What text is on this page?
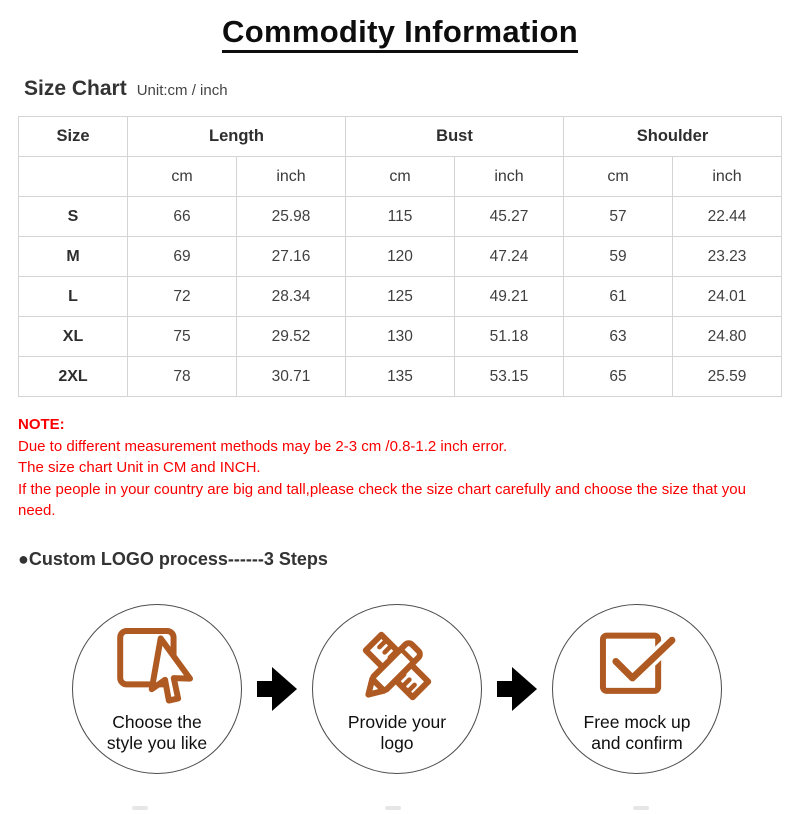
Commodity Information
Size Chart Unit:cm / inch
Size	Length		Bust		Shoulder	
	cm	inch	cm	inch	cm	inch
S	66	25.98	115	45.27	57	22.44
M	69	27.16	120	47.24	59	23.23
L	72	28.34	125	49.21	61	24.01
XL	75	29.52	130	51.18	63	24.80
2XL	78	30.71	135	53.15	65	25.59
NOTE:
Due to different measurement methods may be 2-3 cm /0.8-1.2 inch error.
The size chart Unit in CM and INCH.
If the people in your country are big and tall,please check the size chart carefully and choose the size that you need.
●Custom LOGO process------3 Steps
Choose the
style you like
Provide your
logo
Free mock up
and confirm
